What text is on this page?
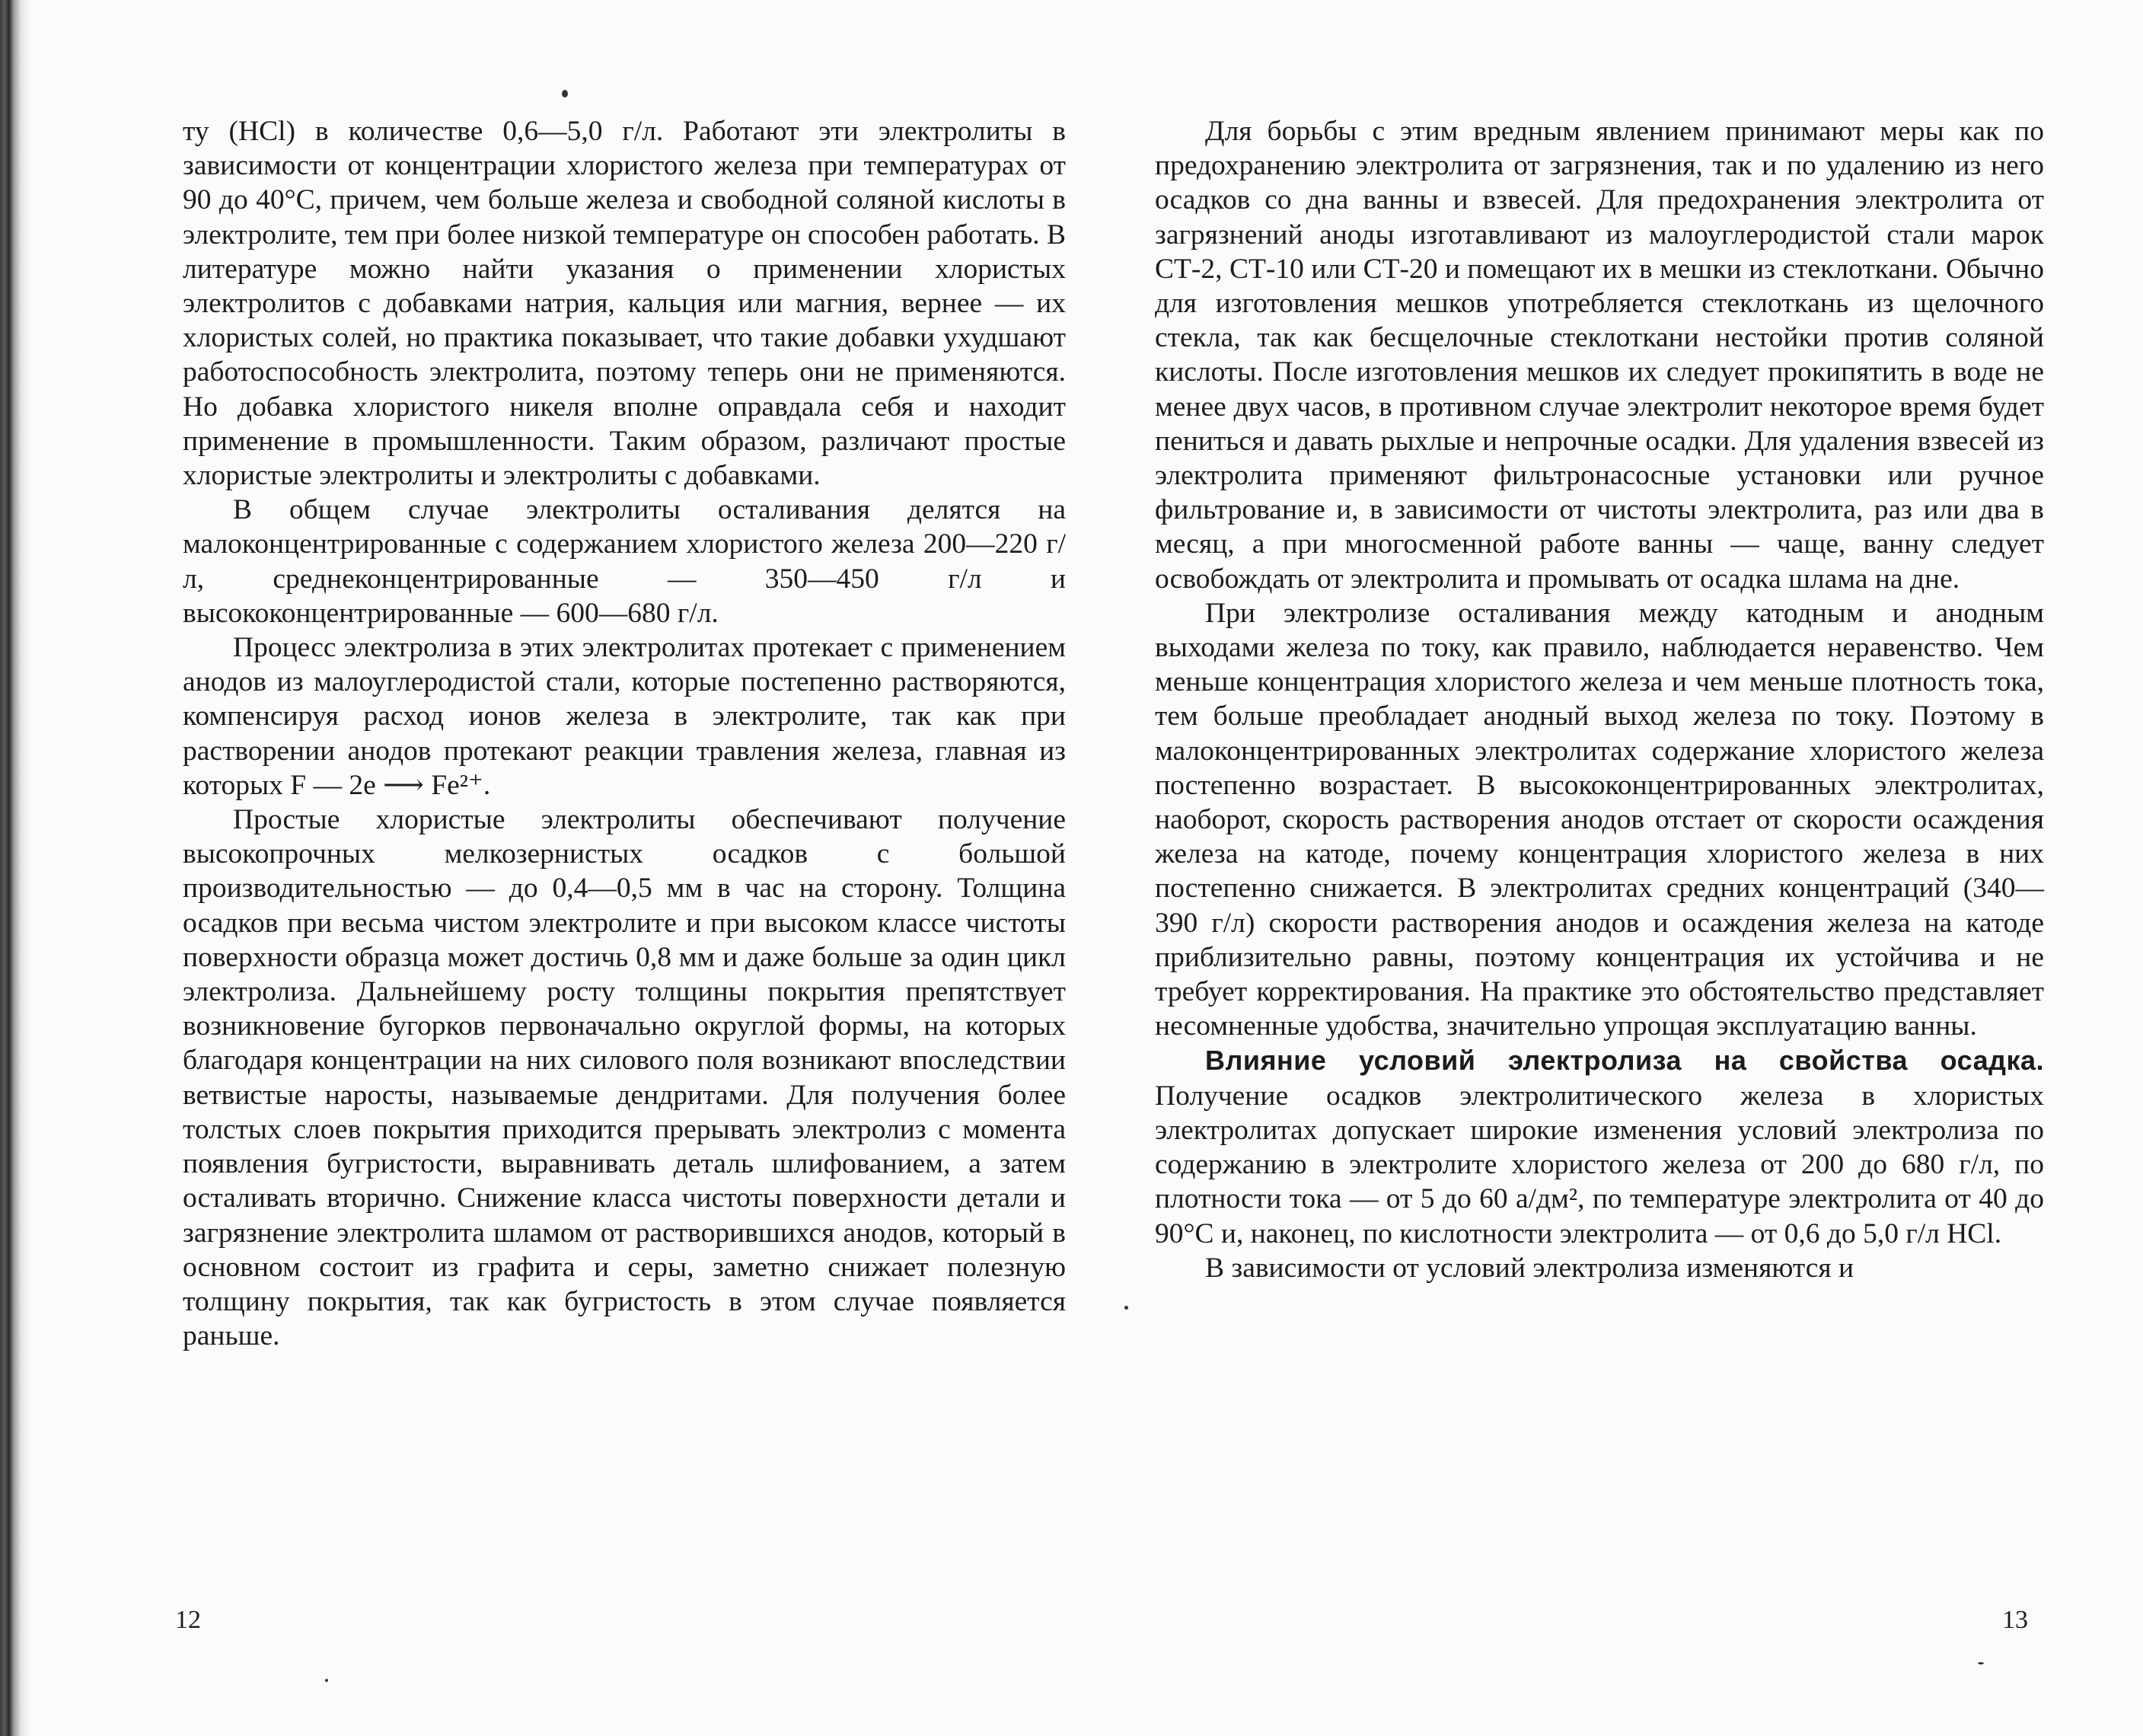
ту (HCl) в количестве 0,6—5,0 г/л. Работают эти электролиты в зависимости от концентрации хлористого железа при температурах от 90 до 40°С, причем, чем больше железа и свободной соляной кислоты в электролите, тем при более низкой температуре он способен работать. В литературе можно найти указания о применении хлористых электролитов с добавками натрия, кальция или магния, вернее — их хлористых солей, но практика показывает, что такие добавки ухудшают работоспособность электролита, поэтому теперь они не применяются. Но добавка хлористого никеля вполне оправдала себя и находит применение в промышленности. Таким образом, различают простые хлористые электролиты и электролиты с добавками.

В общем случае электролиты осталивания делятся на малоконцентрированные с содержанием хлористого железа 200—220 г/л, среднеконцентрированные — 350—450 г/л и высококонцентрированные — 600—680 г/л.

Процесс электролиза в этих электролитах протекает с применением анодов из малоуглеродистой стали, которые постепенно растворяются, компенсируя расход ионов железа в электролите, так как при растворении анодов протекают реакции травления железа, главная из которых F — 2e ⟶ Fe²⁺.

Простые хлористые электролиты обеспечивают получение высокопрочных мелкозернистых осадков с большой производительностью — до 0,4—0,5 мм в час на сторону. Толщина осадков при весьма чистом электролите и при высоком классе чистоты поверхности образца может достичь 0,8 мм и даже больше за один цикл электролиза. Дальнейшему росту толщины покрытия препятствует возникновение бугорков первоначально округлой формы, на которых благодаря концентрации на них силового поля возникают впоследствии ветвистые наросты, называемые дендритами. Для получения более толстых слоев покрытия приходится прерывать электролиз с момента появления бугристости, выравнивать деталь шлифованием, а затем осталивать вторично. Снижение класса чистоты поверхности детали и загрязнение электролита шламом от растворившихся анодов, который в основном состоит из графита и серы, заметно снижает полезную толщину покрытия, так как бугристость в этом случае появляется раньше.

12

Для борьбы с этим вредным явлением принимают меры как по предохранению электролита от загрязнения, так и по удалению из него осадков со дна ванны и взвесей. Для предохранения электролита от загрязнений аноды изготавливают из малоуглеродистой стали марок СТ-2, СТ-10 или СТ-20 и помещают их в мешки из стеклоткани. Обычно для изготовления мешков употребляется стеклоткань из щелочного стекла, так как бесщелочные стеклоткани нестойки против соляной кислоты. После изготовления мешков их следует прокипятить в воде не менее двух часов, в противном случае электролит некоторое время будет пениться и давать рыхлые и непрочные осадки. Для удаления взвесей из электролита применяют фильтронасосные установки или ручное фильтрование и, в зависимости от чистоты электролита, раз или два в месяц, а при многосменной работе ванны — чаще, ванну следует освобождать от электролита и промывать от осадка шлама на дне.

При электролизе осталивания между катодным и анодным выходами железа по току, как правило, наблюдается неравенство. Чем меньше концентрация хлористого железа и чем меньше плотность тока, тем больше преобладает анодный выход железа по току. Поэтому в малоконцентрированных электролитах содержание хлористого железа постепенно возрастает. В высококонцентрированных электролитах, наоборот, скорость растворения анодов отстает от скорости осаждения железа на катоде, почему концентрация хлористого железа в них постепенно снижается. В электролитах средних концентраций (340—390 г/л) скорости растворения анодов и осаждения железа на катоде приблизительно равны, поэтому концентрация их устойчива и не требует корректирования. На практике это обстоятельство представляет несомненные удобства, значительно упрощая эксплуатацию ванны.

Влияние условий электролиза на свойства осадка. Получение осадков электролитического железа в хлористых электролитах допускает широкие изменения условий электролиза по содержанию в электролите хлористого железа от 200 до 680 г/л, по плотности тока — от 5 до 60 а/дм², по температуре электролита от 40 до 90°С и, наконец, по кислотности электролита — от 0,6 до 5,0 г/л HCl.

В зависимости от условий электролиза изменяются и

13
